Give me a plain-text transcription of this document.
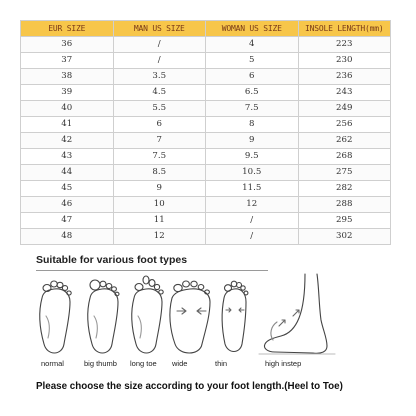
EUR SIZE	MAN US SIZE	WOMAN US SIZE	INSOLE LENGTH(mm)
36	/	4	223
37	/	5	230
38	3.5	6	236
39	4.5	6.5	243
40	5.5	7.5	249
41	6	8	256
42	7	9	262
43	7.5	9.5	268
44	8.5	10.5	275
45	9	11.5	282
46	10	12	288
47	11	/	295
48	12	/	302
Suitable for various foot types
normal	big thumb long toe wide	thin	high instep

Please choose the size according to your foot length.(Heel to Toe)
